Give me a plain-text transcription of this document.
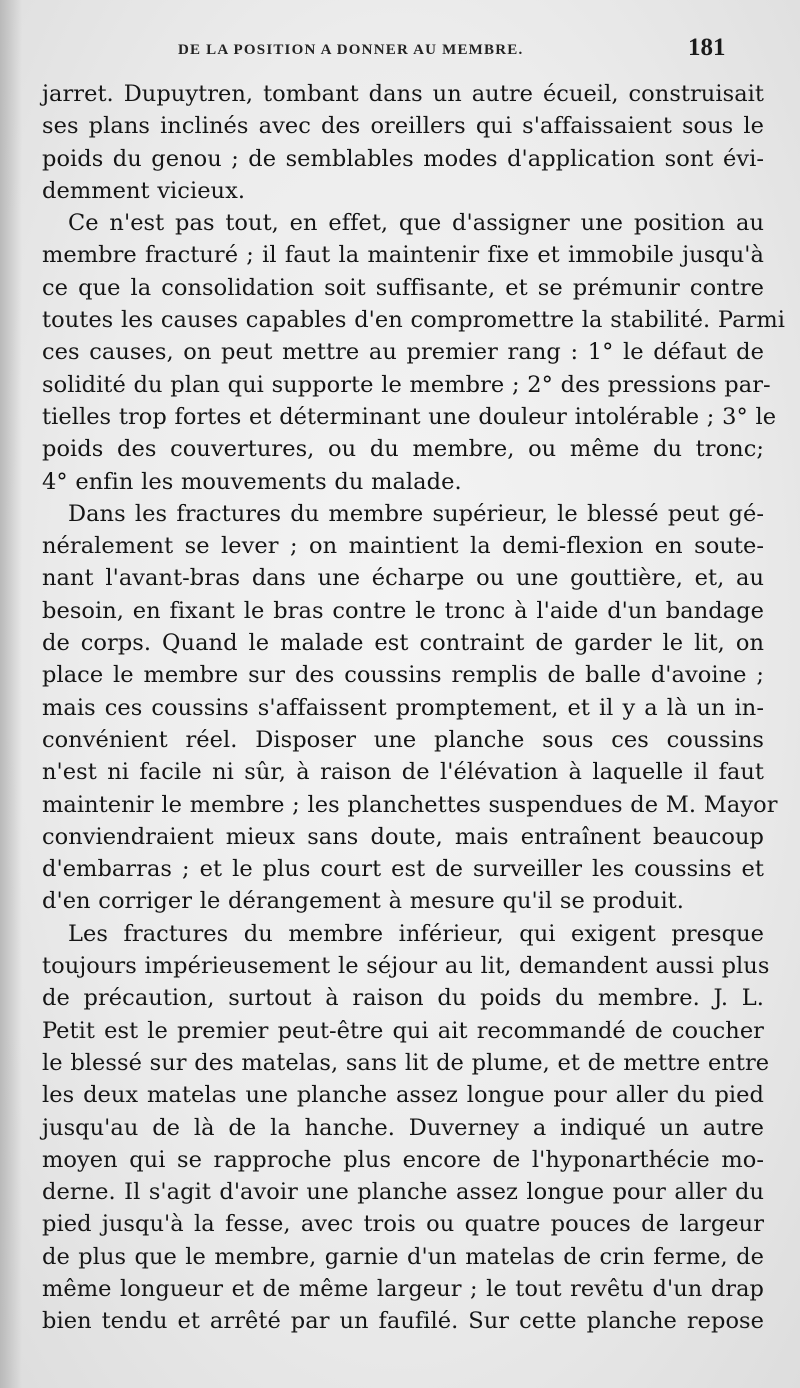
DE LA POSITION A DONNER AU MEMBRE.	181
jarret. Dupuytren, tombant dans un autre écueil, construisait
ses plans inclinés avec des oreillers qui s'affaissaient sous le
poids du genou ; de semblables modes d'application sont évi-
demment vicieux.
Ce n'est pas tout, en effet, que d'assigner une position au
membre fracturé ; il faut la maintenir fixe et immobile jusqu'à
ce que la consolidation soit suffisante, et se prémunir contre
toutes les causes capables d'en compromettre la stabilité. Parmi
ces causes, on peut mettre au premier rang : 1° le défaut de
solidité du plan qui supporte le membre ; 2° des pressions par-
tielles trop fortes et déterminant une douleur intolérable ; 3° le
poids des couvertures, ou du membre, ou même du tronc;
4° enfin les mouvements du malade.
Dans les fractures du membre supérieur, le blessé peut gé-
néralement se lever ; on maintient la demi-flexion en soute-
nant l'avant-bras dans une écharpe ou une gouttière, et, au
besoin, en fixant le bras contre le tronc à l'aide d'un bandage
de corps. Quand le malade est contraint de garder le lit, on
place le membre sur des coussins remplis de balle d'avoine ;
mais ces coussins s'affaissent promptement, et il y a là un in-
convénient réel. Disposer une planche sous ces coussins
n'est ni facile ni sûr, à raison de l'élévation à laquelle il faut
maintenir le membre ; les planchettes suspendues de M. Mayor
conviendraient mieux sans doute, mais entraînent beaucoup
d'embarras ; et le plus court est de surveiller les coussins et
d'en corriger le dérangement à mesure qu'il se produit.
Les fractures du membre inférieur, qui exigent presque
toujours impérieusement le séjour au lit, demandent aussi plus
de précaution, surtout à raison du poids du membre. J. L.
Petit est le premier peut-être qui ait recommandé de coucher
le blessé sur des matelas, sans lit de plume, et de mettre entre
les deux matelas une planche assez longue pour aller du pied
jusqu'au de là de la hanche. Duverney a indiqué un autre
moyen qui se rapproche plus encore de l'hyponarthécie mo-
derne. Il s'agit d'avoir une planche assez longue pour aller du
pied jusqu'à la fesse, avec trois ou quatre pouces de largeur
de plus que le membre, garnie d'un matelas de crin ferme, de
même longueur et de même largeur ; le tout revêtu d'un drap
bien tendu et arrêté par un faufilé. Sur cette planche repose
